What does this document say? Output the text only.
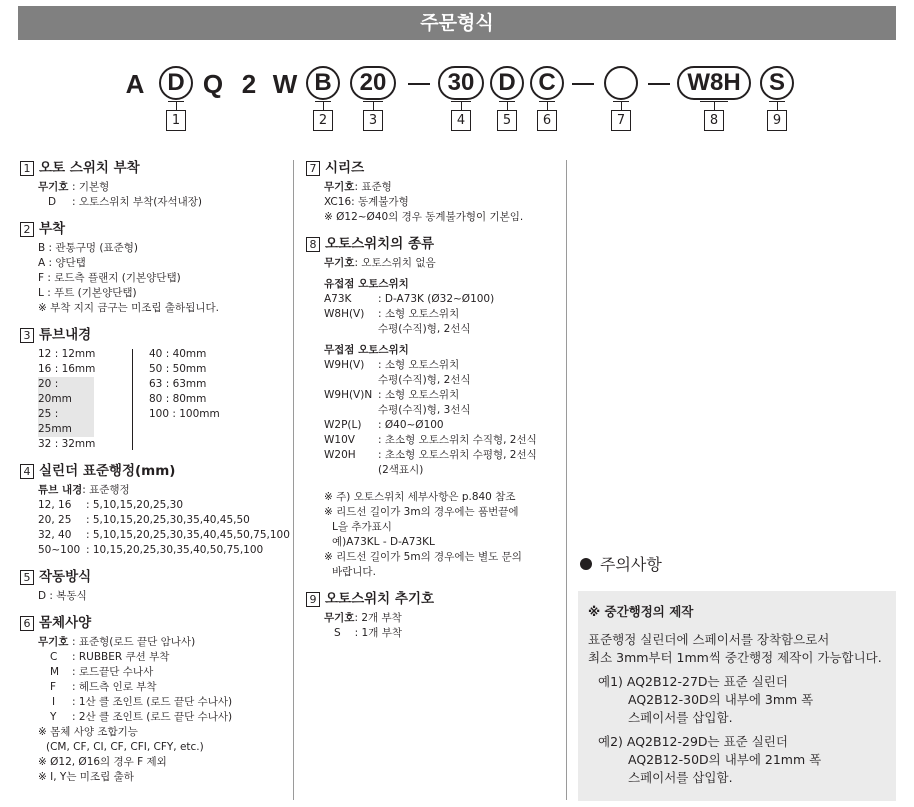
주문형식
A D Q 2 W B	20	30 D C	W8H	S
1	2	3	4	5	6	7	8	9
1 오토 스위치 부착
무기호 : 기본형
D	: 오토스위치 부착(자석내장)
2 부착
B : 관통구멍 (표준형)
A : 양단탭
F : 로드측 플랜지 (기본양단탭)
L : 푸트 (기본양단탭)
※ 부착 지지 금구는 미조립 출하됩니다.
3 튜브내경
12 : 12mm
16 : 16mm
20 : 20mm
25 : 25mm
32 : 32mm
40 : 40mm
50 : 50mm
63 : 63mm
80 : 80mm
100 : 100mm
4 실린더 표준행정(mm)
튜브 내경 : 표준행정
12, 16	: 5,10,15,20,25,30
20, 25	: 5,10,15,20,25,30,35,40,45,50
32, 40	: 5,10,15,20,25,30,35,40,45,50,75,100
50~100 : 10,15,20,25,30,35,40,50,75,100
5 작동방식
D : 복동식
6 몸체사양
무기호 : 표준형(로드 끝단 암나사)
C	: RUBBER 쿠션 부착
M	: 로드끝단 수나사
F	: 헤드측 인로 부착
I	: 1산 클 조인트 (로드 끝단 수나사)
Y	: 2산 클 조인트 (로드 끝단 수나사)
※ 몸체 사양 조합기능
(CM, CF, CI, CF, CFI, CFY, etc.)
※ Ø12, Ø16의 경우 F 제외
※ I, Y는 미조립 출하
7 시리즈
무기호 : 표준형
XC16 : 동계불가형
※ Ø12~Ø40의 경우 동계불가형이 기본임.
8 오토스위치의 종류
무기호 : 오토스위치 없음
유접점 오토스위치
A73K	: D-A73K (Ø32~Ø100)
W8H(V)	: 소형 오토스위치
수평(수직)형, 2선식
무접점 오토스위치
W9H(V)	: 소형 오토스위치
수평(수직)형, 2선식
W9H(V)N : 소형 오토스위치
수평(수직)형, 3선식
W2P(L)	: Ø40~Ø100
W10V	: 초소형 오토스위치 수직형, 2선식
W20H	: 초소형 오토스위치 수평형, 2선식
(2색표시)
※ 주) 오토스위치 세부사항은 p.840 참조
※ 리드선 길이가 3m의 경우에는 품번끝에
L을 추가표시
예)A73KL - D-A73KL
※ 리드선 길이가 5m의 경우에는 별도 문의
바랍니다.
9 오토스위치 추기호
무기호 : 2개 부착
S	: 1개 부착
주의사항
※ 중간행정의 제작
표준행정 실린더에 스페이서를 장착함으로서
최소 3mm부터 1mm씩 중간행정 제작이 가능합니다.
예1) AQ2B12-27D는 표준 실린더
AQ2B12-30D의 내부에 3mm 폭
스페이서를 삽입함.
예2) AQ2B12-29D는 표준 실린더
AQ2B12-50D의 내부에 21mm 폭
스페이서를 삽입함.
